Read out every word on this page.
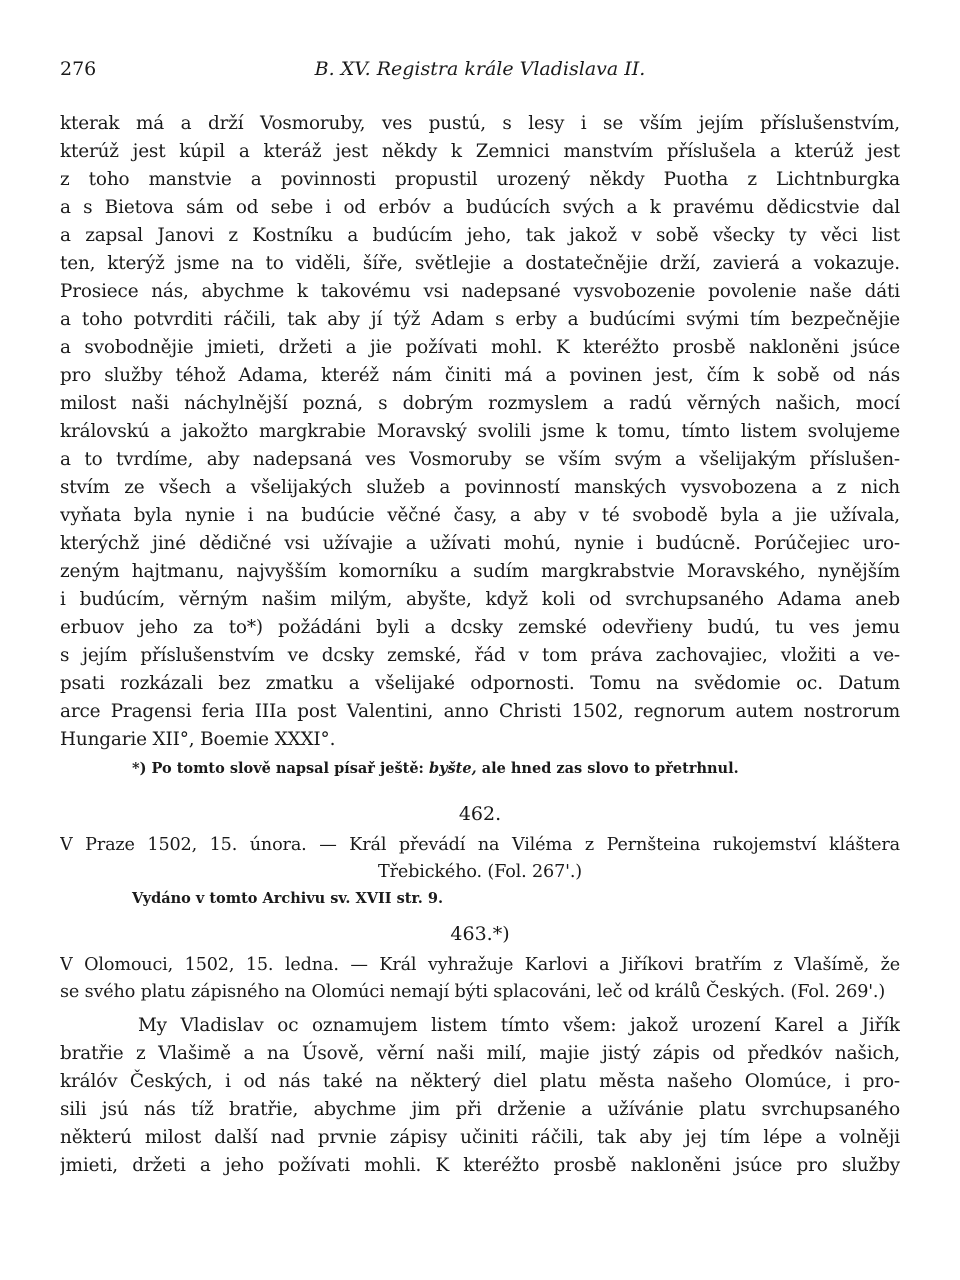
276	B. XV. Registra krále Vladislava II.
kterak má a drží Vosmoruby, ves pustú, s lesy i se vším jejím příslušenstvím,
kterúž jest kúpil a kteráž jest někdy k Zemnici manstvím příslušela a kterúž jest
z toho manstvie a povinnosti propustil urozený někdy Puotha z Lichtnburgka
a s Bietova sám od sebe i od erbóv a budúcích svých a k pravému dědicstvie dal
a zapsal Janovi z Kostníku a budúcím jeho, tak jakož v sobě všecky ty věci list
ten, kterýž jsme na to viděli, šíře, světlejie a dostatečnějie drží, zavierá a vokazuje.
Prosiece nás, abychme k takovému vsi nadepsané vysvobozenie povolenie naše dáti
a toho potvrditi ráčili, tak aby jí týž Adam s erby a budúcími svými tím bezpečnějie
a svobodnějie jmieti, držeti a jie požívati mohl. K kteréžto prosbě nakloněni jsúce
pro služby téhož Adama, kteréž nám činiti má a povinen jest, čím k sobě od nás
milost naši náchylnější pozná, s dobrým rozmyslem a radú věrných našich, mocí
královskú a jakožto margkrabie Moravský svolili jsme k tomu, tímto listem svolujeme
a to tvrdíme, aby nadepsaná ves Vosmoruby se vším svým a všelijakým příslušen-
stvím ze všech a všelijakých služeb a povinností manských vysvobozena a z nich
vyňata byla nynie i na budúcie věčné časy, a aby v té svobodě byla a jie užívala,
kterýchž jiné dědičné vsi užívajie a užívati mohú, nynie i budúcně. Porúčejiec uro-
zeným hajtmanu, najvyšším komorníku a sudím margkrabstvie Moravského, nynějším
i budúcím, věrným našim milým, abyšte, když koli od svrchupsaného Adama aneb
erbuov jeho za to*) požádáni byli a dcsky zemské odevřieny budú, tu ves jemu
s jejím příslušenstvím ve dcsky zemské, řád v tom práva zachovajiec, vložiti a ve-
psati rozkázali bez zmatku a všelijaké odpornosti. Tomu na svědomie oc. Datum
arce Pragensi feria IIIa post Valentini, anno Christi 1502, regnorum autem nostrorum
Hungarie XII°, Boemie XXXI°.
*) Po tomto slově napsal písař ještě: byšte, ale hned zas slovo to přetrhnul.
462.
V Praze 1502, 15. února. — Král převádí na Viléma z Pernšteina rukojemství kláštera
Třebického. (Fol. 267'.)
Vydáno v tomto Archivu sv. XVII str. 9.
463.*)
V Olomouci, 1502, 15. ledna. — Král vyhražuje Karlovi a Jiříkovi bratřím z Vlašímě, že
se svého platu zápisného na Olomúci nemají býti splacováni, leč od králů Českých. (Fol. 269'.)
My Vladislav oc oznamujem listem tímto všem: jakož urození Karel a Jiřík
bratřie z Vlašimě a na Úsově, věrní naši milí, majie jistý zápis od předkóv našich,
králóv Českých, i od nás také na některý diel platu města našeho Olomúce, i pro-
sili jsú nás tíž bratřie, abychme jim při drženie a užívánie platu svrchupsaného
některú milost další nad prvnie zápisy učiniti ráčili, tak aby jej tím lépe a volněji
jmieti, držeti a jeho požívati mohli. K kteréžto prosbě nakloněni jsúce pro služby
